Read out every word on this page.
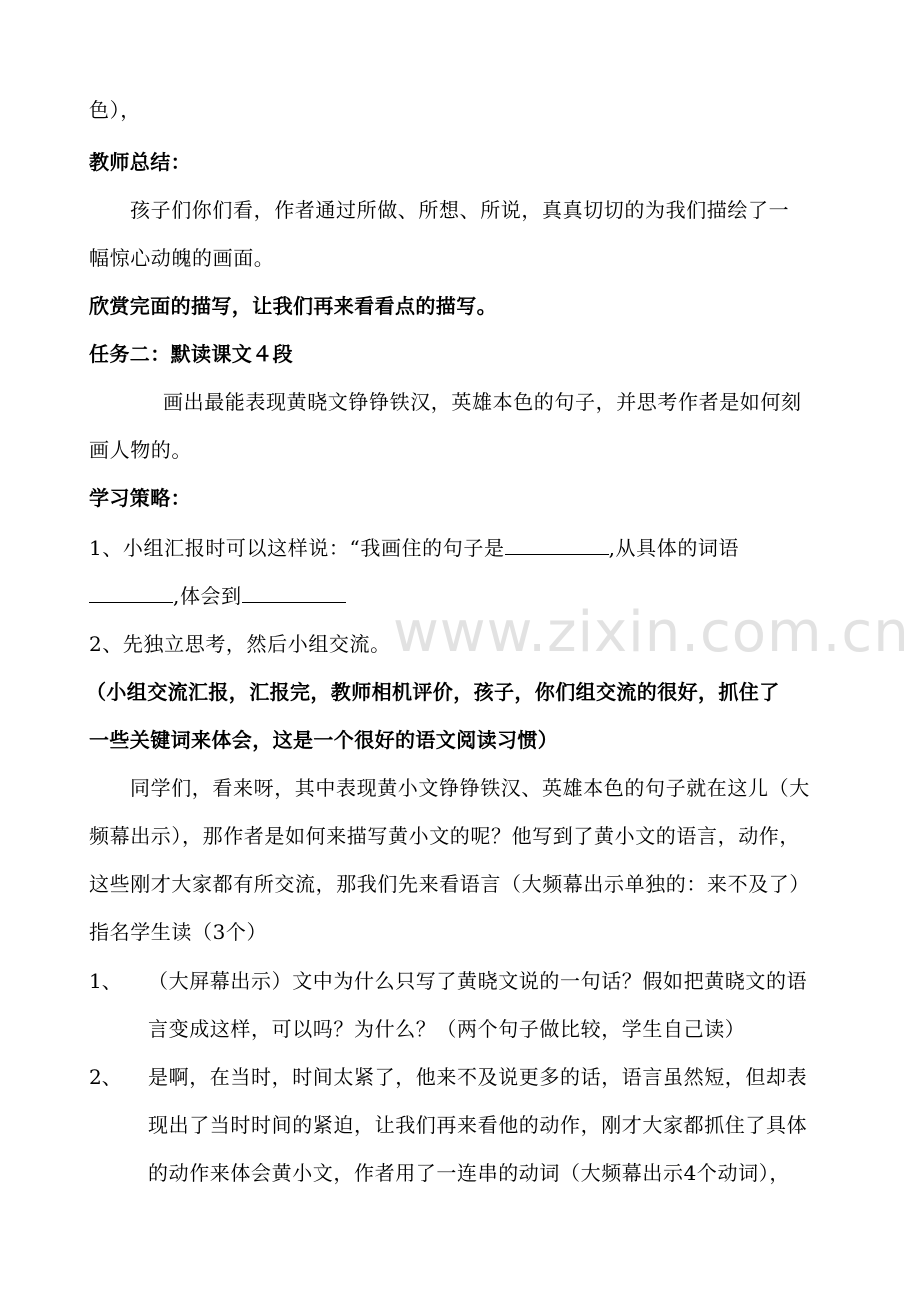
色），
教师总结：
孩子们你们看，作者通过所做、所想、所说，真真切切的为我们描绘了一
幅惊心动魄的画面。
欣赏完面的描写，让我们再来看看点的描写。
任务二：默读课文４段
画出最能表现黄晓文铮铮铁汉，英雄本色的句子，并思考作者是如何刻
画人物的。
学习策略：
1、小组汇报时可以这样说：“我画住的句子是	,从具体的词语
,体会到
2、先独立思考，然后小组交流。
（小组交流汇报，汇报完，教师相机评价，孩子，你们组交流的很好，抓住了
一些关键词来体会，这是一个很好的语文阅读习惯）
同学们，看来呀，其中表现黄小文铮铮铁汉、英雄本色的句子就在这儿（大
频幕出示），那作者是如何来描写黄小文的呢？他写到了黄小文的语言，动作，
这些刚才大家都有所交流，那我们先来看语言（大频幕出示单独的：来不及了）
指名学生读（3个）
1、 （大屏幕出示）文中为什么只写了黄晓文说的一句话？假如把黄晓文的语
言变成这样，可以吗？为什么？（两个句子做比较，学生自己读）
2、 是啊，在当时，时间太紧了，他来不及说更多的话，语言虽然短，但却表
现出了当时时间的紧迫，让我们再来看他的动作，刚才大家都抓住了具体
的动作来体会黄小文，作者用了一连串的动词（大频幕出示4个动词），
www.zixin.com.cn
